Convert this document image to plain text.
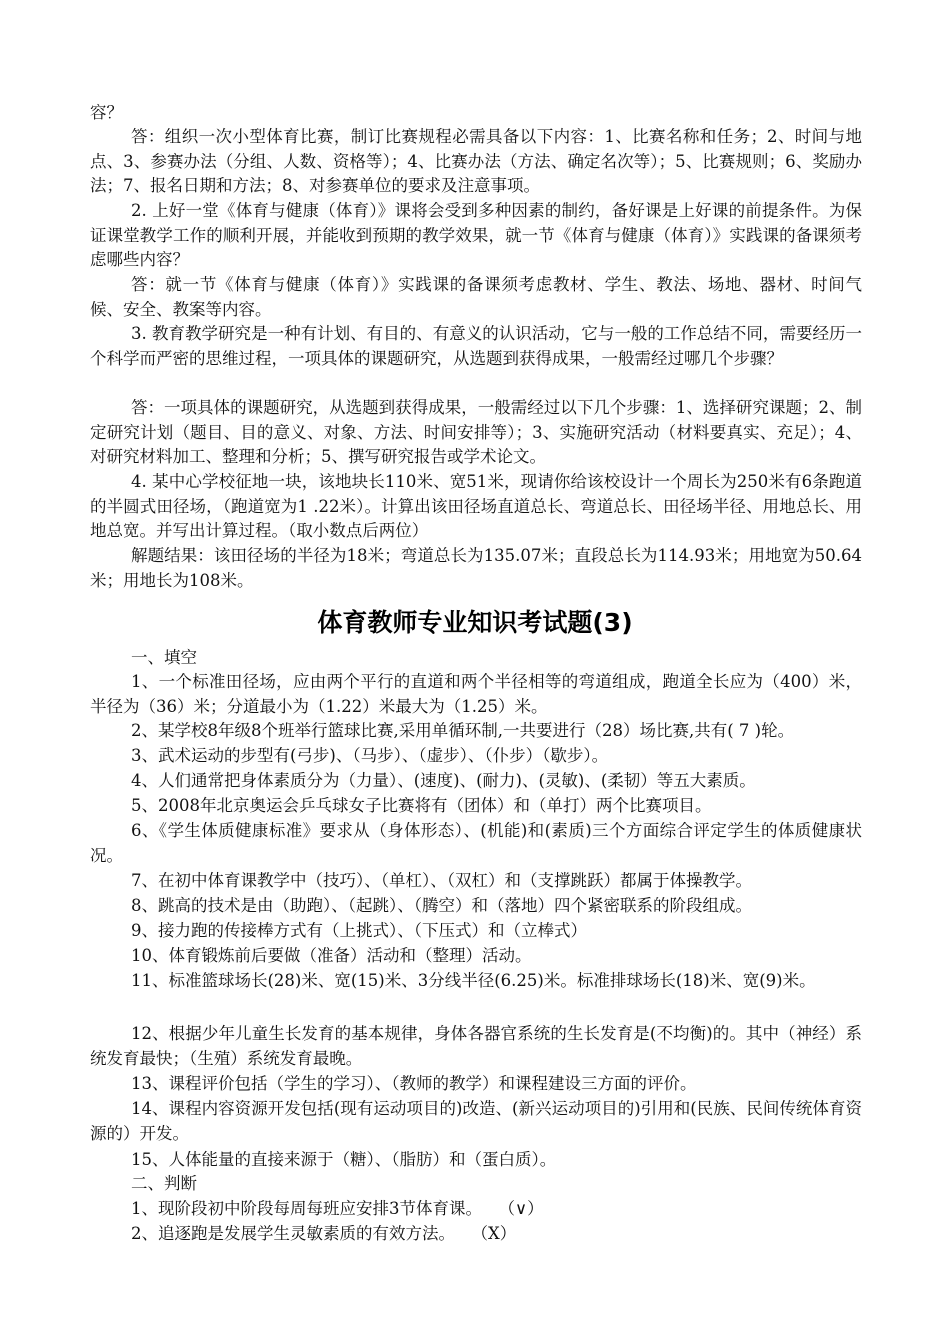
容？

答：组织一次小型体育比赛，制订比赛规程必需具备以下内容：1、比赛名称和任务；2、时间与地点、3、参赛办法（分组、人数、资格等）；4、比赛办法（方法、确定名次等）；5、比赛规则；6、奖励办法；7、报名日期和方法；8、对参赛单位的要求及注意事项。

2. 上好一堂《体育与健康（体育）》课将会受到多种因素的制约，备好课是上好课的前提条件。为保证课堂教学工作的顺利开展，并能收到预期的教学效果，就一节《体育与健康（体育）》实践课的备课须考虑哪些内容？

答：就一节《体育与健康（体育）》实践课的备课须考虑教材、学生、教法、场地、器材、时间气候、安全、教案等内容。

3. 教育教学研究是一种有计划、有目的、有意义的认识活动，它与一般的工作总结不同，需要经历一个科学而严密的思维过程，一项具体的课题研究，从选题到获得成果，一般需经过哪几个步骤？

答：一项具体的课题研究，从选题到获得成果，一般需经过以下几个步骤：1、选择研究课题；2、制定研究计划（题目、目的意义、对象、方法、时间安排等）；3、实施研究活动（材料要真实、充足）；4、对研究材料加工、整理和分析；5、撰写研究报告或学术论文。

4. 某中心学校征地一块，该地块长110米、宽51米，现请你给该校设计一个周长为250米有6条跑道的半圆式田径场，（跑道宽为1 .22米）。计算出该田径场直道总长、弯道总长、田径场半径、用地总长、用地总宽。并写出计算过程。（取小数点后两位）

解题结果：该田径场的半径为18米；弯道总长为135.07米；直段总长为114.93米；用地宽为50.64米；用地长为108米。

体育教师专业知识考试题(3)

一、填空

1、一个标准田径场，应由两个平行的直道和两个半径相等的弯道组成，跑道全长应为（400）米，半径为（36）米；分道最小为（1.22）米最大为（1.25）米。

2、某学校8年级8个班举行篮球比赛,采用单循环制,一共要进行（28）场比赛,共有( 7 )轮。

3、武术运动的步型有(弓步)、（马步）、（虚步）、（仆步）（歇步）。

4、人们通常把身体素质分为（力量）、(速度)、(耐力)、(灵敏)、(柔韧）等五大素质。

5、2008年北京奥运会乒乓球女子比赛将有（团体）和（单打）两个比赛项目。

6、《学生体质健康标准》要求从（身体形态）、(机能)和(素质)三个方面综合评定学生的体质健康状况。

7、在初中体育课教学中（技巧）、（单杠）、（双杠）和（支撑跳跃）都属于体操教学。

8、跳高的技术是由（助跑）、（起跳）、（腾空）和（落地）四个紧密联系的阶段组成。

9、接力跑的传接棒方式有（上挑式）、（下压式）和（立棒式）

10、体育锻炼前后要做（准备）活动和（整理）活动。

11、标准篮球场长(28)米、宽(15)米、3分线半径(6.25)米。标准排球场长(18)米、宽(9)米。

12、根据少年儿童生长发育的基本规律，身体各器官系统的生长发育是(不均衡)的。其中（神经）系统发育最快；（生殖）系统发育最晚。

13、课程评价包括（学生的学习）、（教师的教学）和课程建设三方面的评价。

14、课程内容资源开发包括(现有运动项目的)改造、(新兴运动项目的)引用和(民族、民间传统体育资源的）开发。

15、人体能量的直接来源于（糖）、（脂肪）和（蛋白质）。

二、判断

1、现阶段初中阶段每周每班应安排3节体育课。　　（∨）

2、追逐跑是发展学生灵敏素质的有效方法。　　（X）
